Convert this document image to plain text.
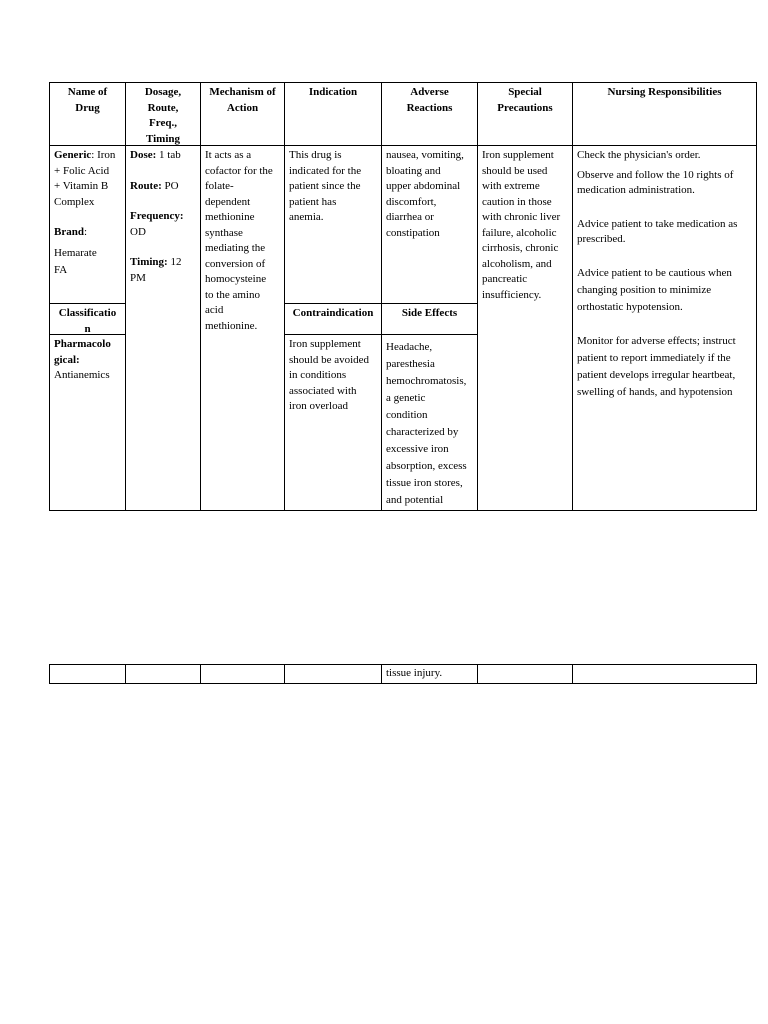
Name of
Drug
Dosage,
Route,
Freq.,
Timing
Mechanism of
Action
Indication	Adverse
Reactions
Special
Precautions
Nursing Responsibilities
Generic: Iron
+ Folic Acid
+ Vitamin B
Complex
Brand:
Hemarate
FA
Classificatio
n
Pharmacolo
gical:
Antianemics
Dose: 1 tab
Route: PO
Frequency:
OD
Timing: 12
PM
It acts as a
cofactor for the
folate-
dependent
methionine
synthase
mediating the
conversion of
homocysteine
to the amino
acid
methionine.
This drug is
indicated for the
patient since the
patient has
anemia.
Contraindication
Iron supplement
should be avoided
in conditions
associated with
iron overload
nausea, vomiting,
bloating and
upper abdominal
discomfort,
diarrhea or
constipation
Side Effects
Headache,
paresthesia
hemochromatosis,
a genetic
condition
characterized by
excessive iron
absorption, excess
tissue iron stores,
and potential
Iron supplement
should be used
with extreme
caution in those
with chronic liver
failure, alcoholic
cirrhosis, chronic
alcoholism, and
pancreatic
insufficiency.
Check the physician's order.
Observe and follow the 10 rights of
medication administration.
Advice patient to take medication as
prescribed.
Advice patient to be cautious when
changing position to minimize
orthostatic hypotension.
Monitor for adverse effects; instruct
patient to report immediately if the
patient develops irregular heartbeat,
swelling of hands, and hypotension
tissue injury.
